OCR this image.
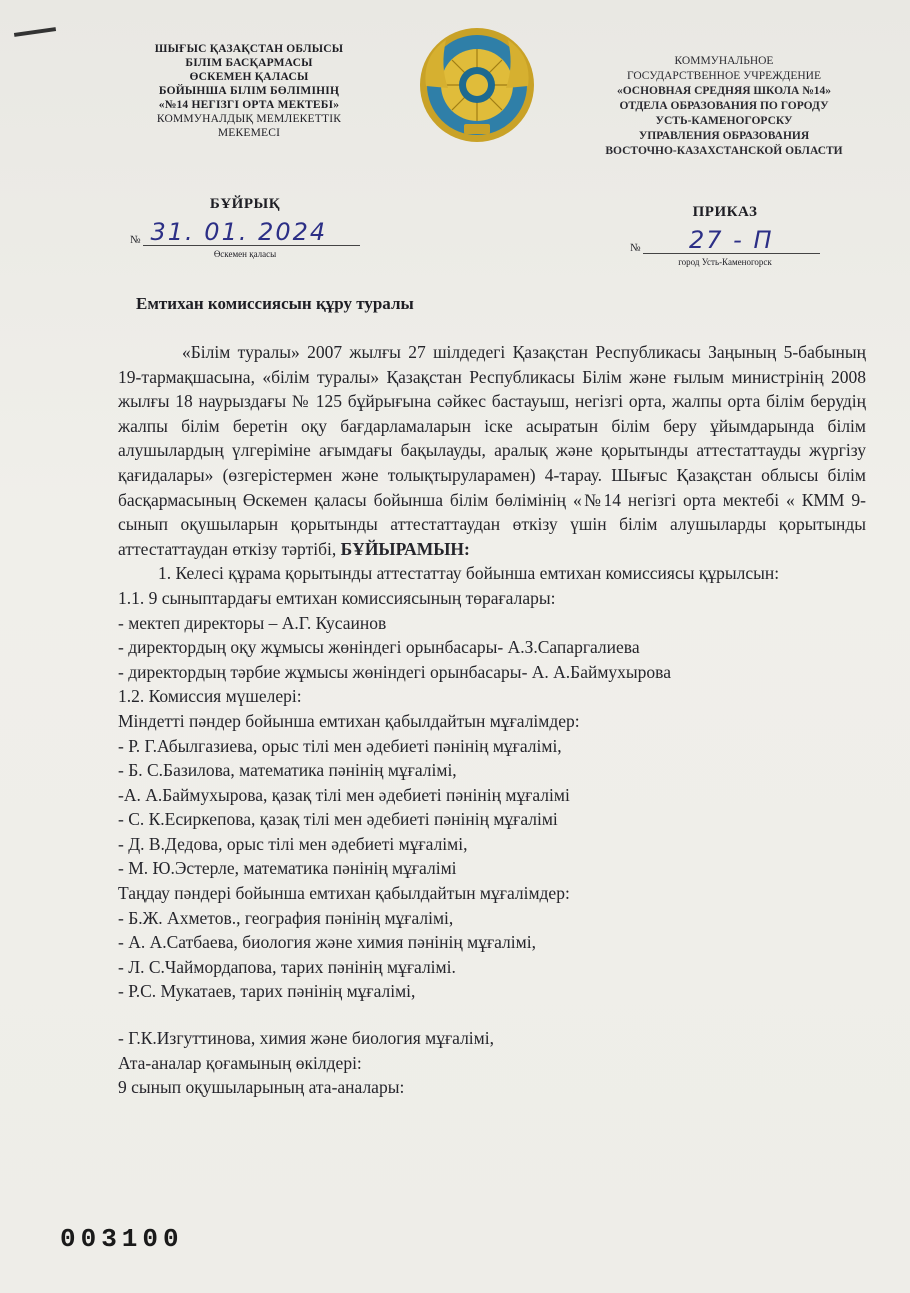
ШЫҒЫС ҚАЗАҚСТАН ОБЛЫСЫ
БІЛІМ БАСҚАРМАСЫ
ӨСКЕМЕН ҚАЛАСЫ
БОЙЫНША БІЛІМ БӨЛІМІНІҢ
«№14 НЕГІЗГІ ОРТА МЕКТЕБІ»
КОММУНАЛДЫҚ МЕМЛЕКЕТТІК
МЕКЕМЕСІ
КОММУНАЛЬНОЕ
ГОСУДАРСТВЕННОЕ УЧРЕЖДЕНИЕ
«ОСНОВНАЯ СРЕДНЯЯ ШКОЛА №14»
ОТДЕЛА ОБРАЗОВАНИЯ ПО ГОРОДУ
УСТЬ-КАМЕНОГОРСКУ
УПРАВЛЕНИЯ ОБРАЗОВАНИЯ
ВОСТОЧНО-КАЗАХСТАНСКОЙ ОБЛАСТИ
БҰЙРЫҚ
№ 31. 01. 2024
Өскемен қаласы
ПРИКАЗ
№	27 - П
город Усть-Каменогорск
Емтихан комиссиясын құру туралы

«Білім туралы» 2007 жылғы 27 шілдедегі Қазақстан Республикасы Заңының 5-бабының 19-тармақшасына, «білім туралы» Қазақстан Республикасы Білім және ғылым министрінің 2008 жылғы 18 наурыздағы № 125 бұйрығына сәйкес бастауыш, негізгі орта, жалпы орта білім берудің жалпы білім беретін оқу бағдарламаларын іске асыратын білім беру ұйымдарында білім алушылардың үлгеріміне ағымдағы бақылауды, аралық және қорытынды аттестаттауды жүргізу қағидалары» (өзгерістермен және толықтыруларамен) 4-тарау. Шығыс Қазақстан облысы білім басқармасының Өскемен қаласы бойынша білім бөлімінің «№14 негізгі орта мектебі « КММ 9-сынып оқушыларын қорытынды аттестаттаудан өткізу үшін білім алушыларды қорытынды аттестаттаудан өткізу тәртібі, БҰЙЫРАМЫН:

1. Келесі құрама қорытынды аттестаттау бойынша емтихан комиссиясы құрылсын:

1.1. 9 сыныптардағы емтихан комиссиясының төрағалары:

- мектеп директоры – А.Г. Кусаинов

- директордың оқу жұмысы жөніндегі орынбасары- А.З.Сапаргалиева

- директордың тәрбие жұмысы жөніндегі орынбасары- А. А.Баймухырова

1.2. Комиссия мүшелері:

Міндетті пәндер бойынша емтихан қабылдайтын мұғалімдер:

- Р. Г.Абылгазиева, орыс тілі мен әдебиеті пәнінің мұғалімі,

- Б. С.Базилова, математика пәнінің мұғалімі,

-А. А.Баймухырова, қазақ тілі мен әдебиеті пәнінің мұғалімі

- С. К.Есиркепова, қазақ тілі мен әдебиеті пәнінің мұғалімі

- Д. В.Дедова, орыс тілі мен әдебиеті мұғалімі,

- М. Ю.Эстерле, математика пәнінің мұғалімі

Таңдау пәндері бойынша емтихан қабылдайтын мұғалімдер:

- Б.Ж. Ахметов., география пәнінің мұғалімі,

- А. А.Сатбаева, биология және химия пәнінің мұғалімі,

- Л. С.Чаймордапова, тарих пәнінің мұғалімі.

- Р.С. Мукатаев, тарих пәнінің мұғалімі,

- Г.К.Изгуттинова, химия және биология мұғалімі,

Ата-аналар қоғамының өкілдері:

9 сынып оқушыларының ата-аналары:

003100
